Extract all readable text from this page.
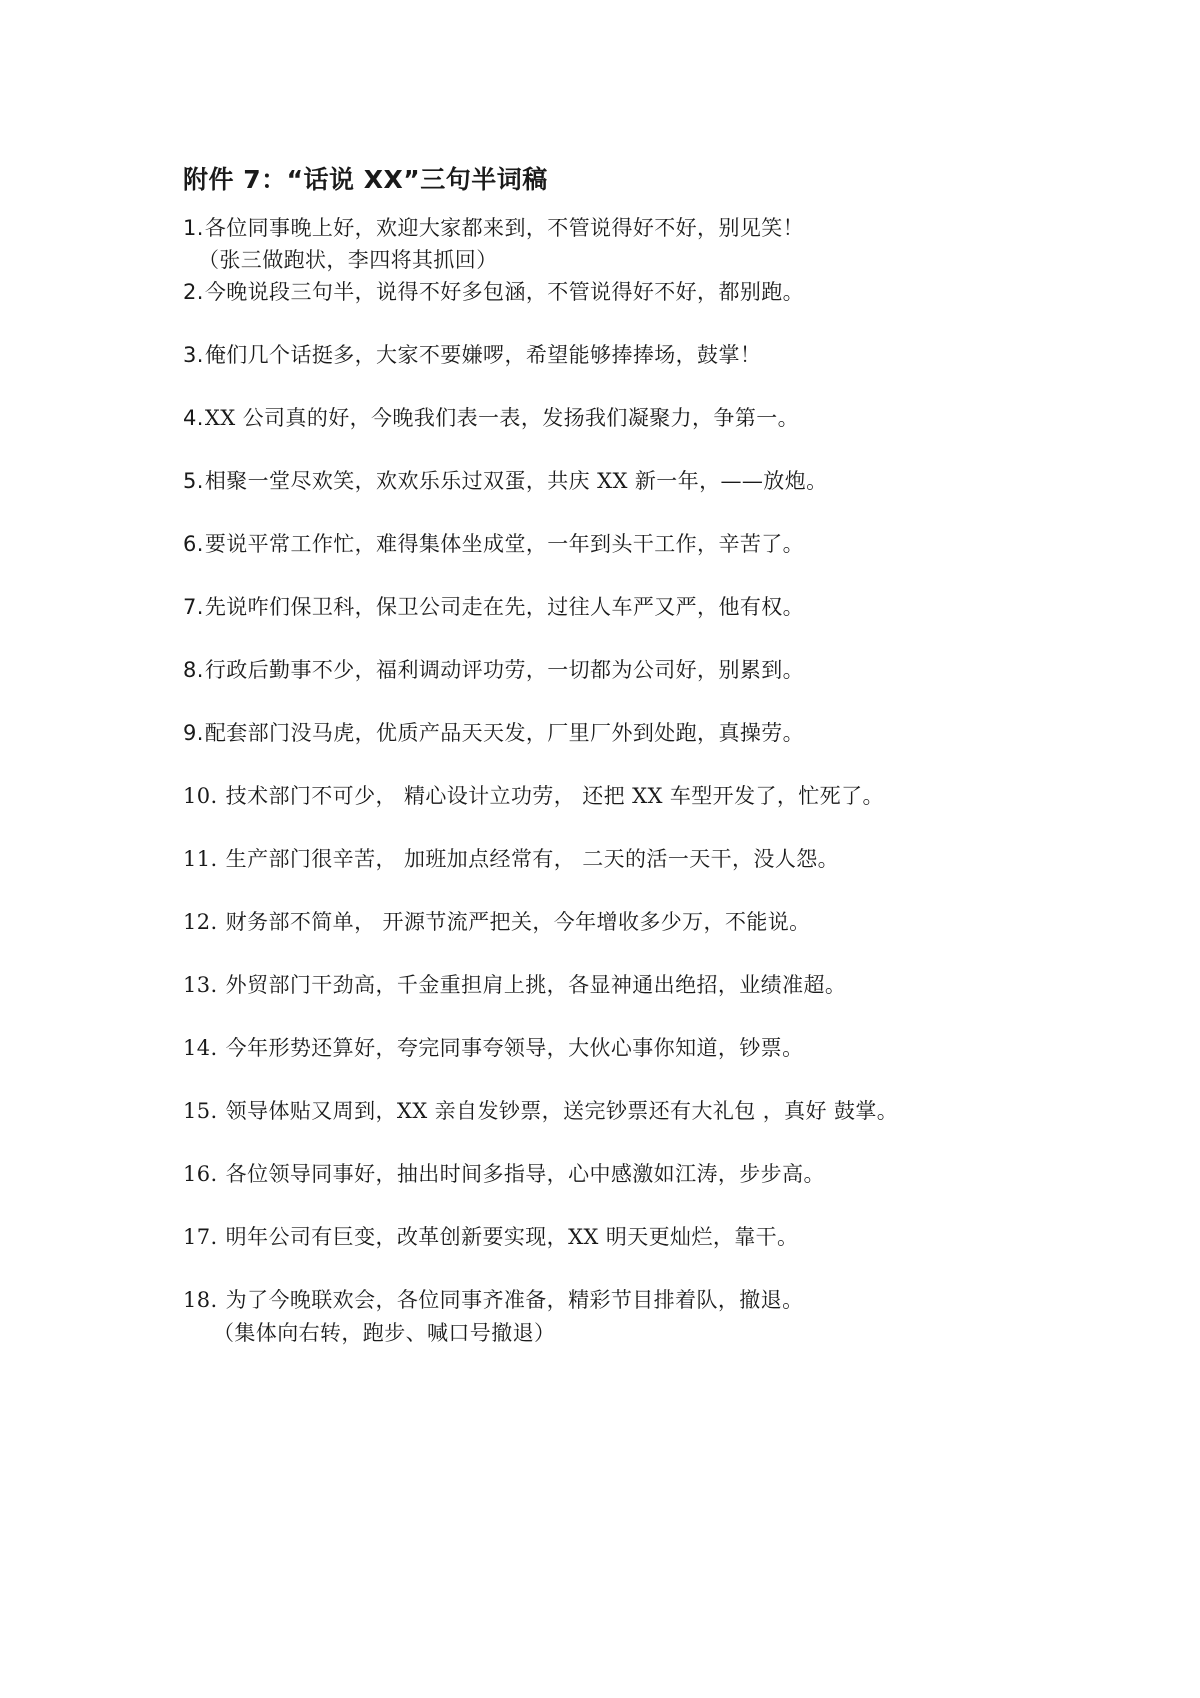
附件 7：“话说 XX”三句半词稿
1.各位同事晚上好，欢迎大家都来到，不管说得好不好，别见笑！
（张三做跑状，李四将其抓回）
2.今晚说段三句半，说得不好多包涵，不管说得好不好，都别跑。
3.俺们几个话挺多，大家不要嫌啰，希望能够捧捧场，鼓掌！
4.XX 公司真的好，今晚我们表一表，发扬我们凝聚力，争第一。
5.相聚一堂尽欢笑，欢欢乐乐过双蛋，共庆 XX 新一年，——放炮。
6.要说平常工作忙，难得集体坐成堂，一年到头干工作，辛苦了。
7.先说咋们保卫科，保卫公司走在先，过往人车严又严，他有权。
8.行政后勤事不少，福利调动评功劳，一切都为公司好，别累到。
9.配套部门没马虎，优质产品天天发，厂里厂外到处跑，真操劳。
10. 技术部门不可少， 精心设计立功劳， 还把 XX 车型开发了，忙死了。
11. 生产部门很辛苦， 加班加点经常有， 二天的活一天干，没人怨。
12. 财务部不简单， 开源节流严把关，今年增收多少万，不能说。
13. 外贸部门干劲高，千金重担肩上挑，各显神通出绝招，业绩准超。
14. 今年形势还算好，夸完同事夸领导，大伙心事你知道，钞票。
15. 领导体贴又周到，XX 亲自发钞票，送完钞票还有大礼包 ，真好 鼓掌。
16. 各位领导同事好，抽出时间多指导，心中感激如江涛，步步高。
17. 明年公司有巨变，改革创新要实现，XX 明天更灿烂，靠干。
18. 为了今晚联欢会，各位同事齐准备，精彩节目排着队，撤退。
（集体向右转，跑步、喊口号撤退）
